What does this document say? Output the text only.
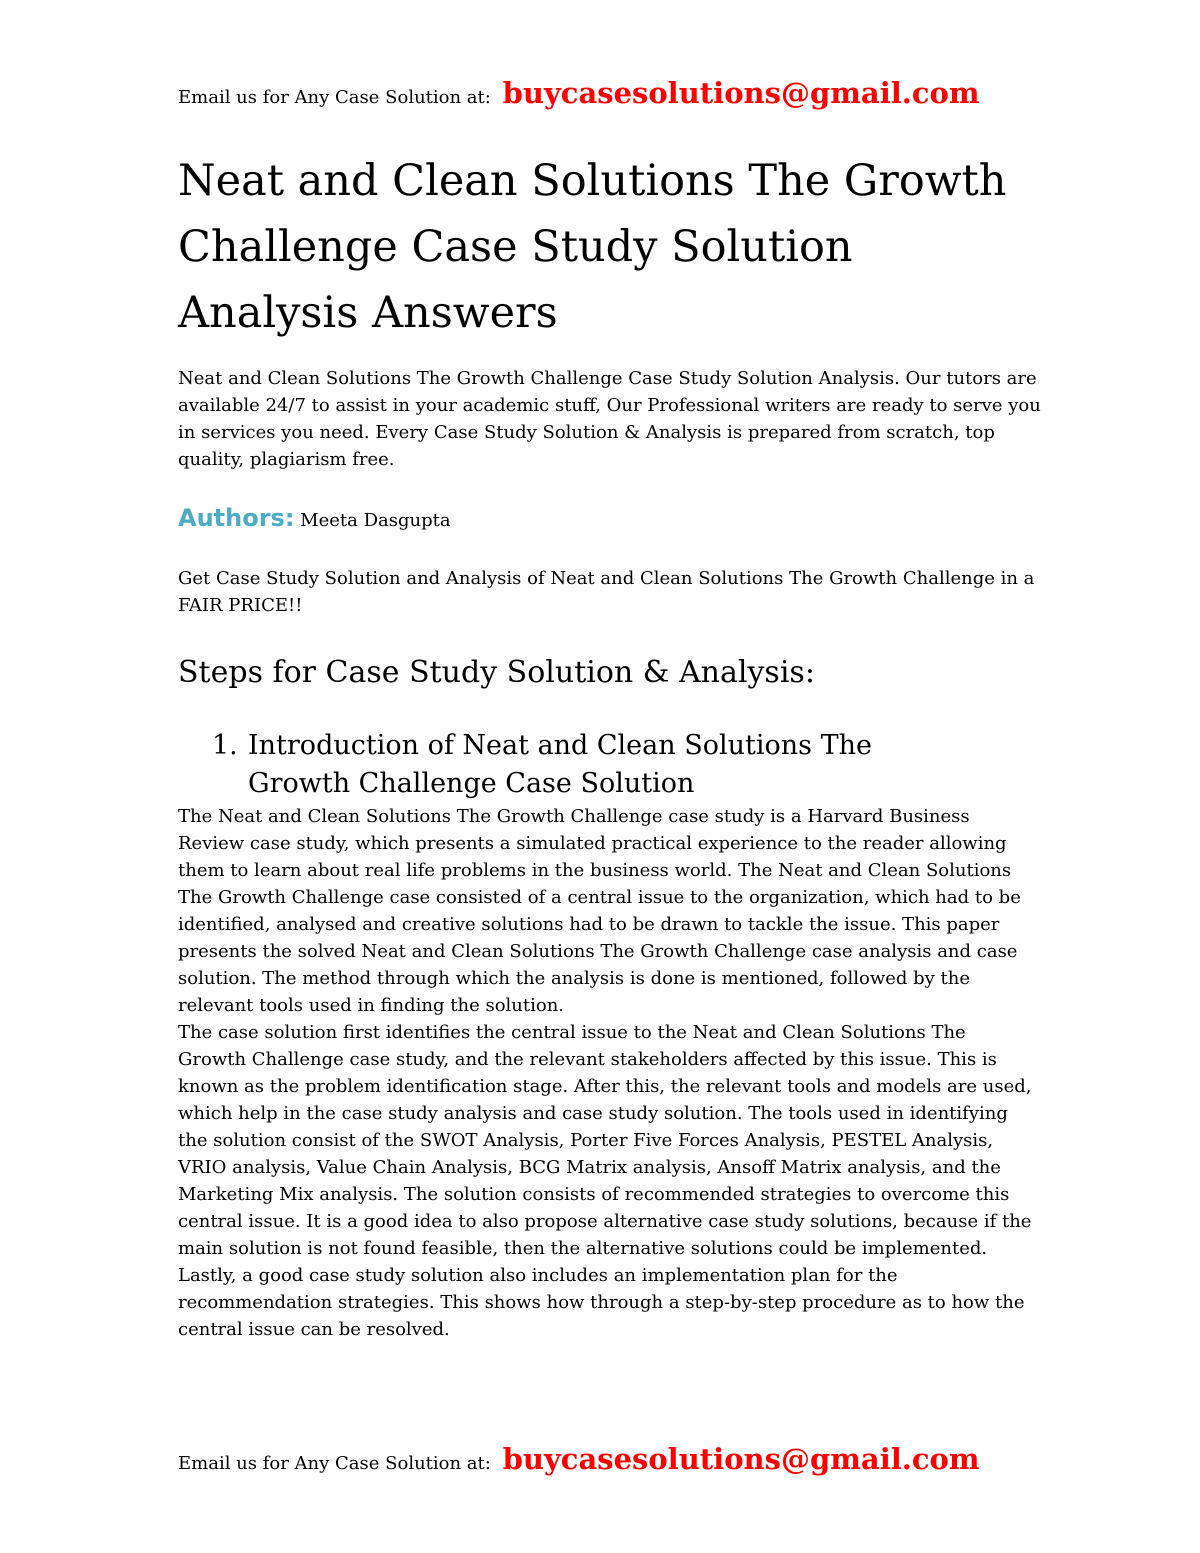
Email us for Any Case Solution at: buycasesolutions@gmail.com
Neat and Clean Solutions The Growth Challenge Case Study Solution Analysis Answers

Neat and Clean Solutions The Growth Challenge Case Study Solution Analysis. Our tutors are available 24/7 to assist in your academic stuff, Our Professional writers are ready to serve you in services you need. Every Case Study Solution & Analysis is prepared from scratch, top quality, plagiarism free.

Authors: Meeta Dasgupta

Get Case Study Solution and Analysis of Neat and Clean Solutions The Growth Challenge in a FAIR PRICE!!

Steps for Case Study Solution & Analysis:
1. Introduction of Neat and Clean Solutions The
Growth Challenge Case Solution

The Neat and Clean Solutions The Growth Challenge case study is a Harvard Business Review case study, which presents a simulated practical experience to the reader allowing them to learn about real life problems in the business world. The Neat and Clean Solutions The Growth Challenge case consisted of a central issue to the organization, which had to be identified, analysed and creative solutions had to be drawn to tackle the issue. This paper presents the solved Neat and Clean Solutions The Growth Challenge case analysis and case solution. The method through which the analysis is done is mentioned, followed by the relevant tools used in finding the solution.

The case solution first identifies the central issue to the Neat and Clean Solutions The Growth Challenge case study, and the relevant stakeholders affected by this issue. This is known as the problem identification stage. After this, the relevant tools and models are used, which help in the case study analysis and case study solution. The tools used in identifying the solution consist of the SWOT Analysis, Porter Five Forces Analysis, PESTEL Analysis, VRIO analysis, Value Chain Analysis, BCG Matrix analysis, Ansoff Matrix analysis, and the Marketing Mix analysis. The solution consists of recommended strategies to overcome this central issue. It is a good idea to also propose alternative case study solutions, because if the main solution is not found feasible, then the alternative solutions could be implemented. Lastly, a good case study solution also includes an implementation plan for the recommendation strategies. This shows how through a step-by-step procedure as to how the central issue can be resolved.

Email us for Any Case Solution at: buycasesolutions@gmail.com
